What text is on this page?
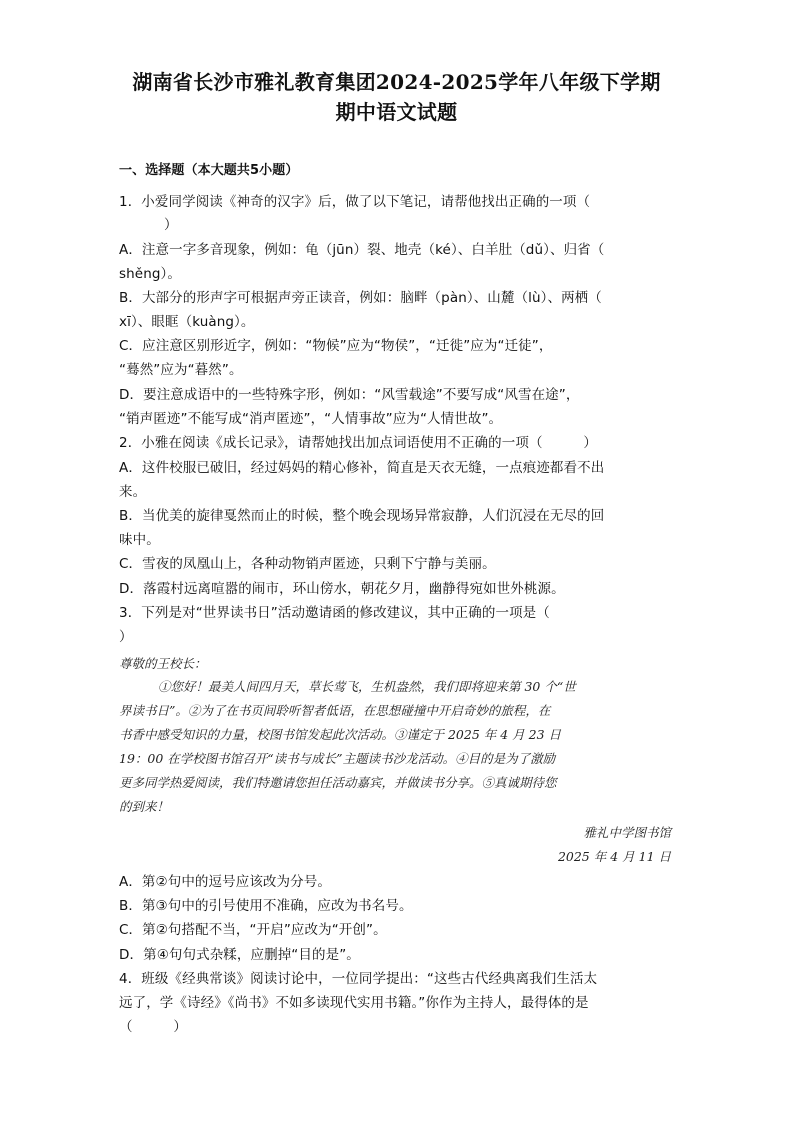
湖南省长沙市雅礼教育集团2024-2025学年八年级下学期
期中语文试题
一、选择题（本大题共5小题）
1．小爱同学阅读《神奇的汉字》后，做了以下笔记，请帮他找出正确的一项（
）
A．注意一字多音现象，例如：龟（jūn）裂、地壳（ké）、白羊肚（dǔ）、归省（
shěng）。
B．大部分的形声字可根据声旁正读音，例如：脑畔（pàn）、山麓（lù）、两栖（
xī）、眼眶（kuàng）。
C．应注意区别形近字，例如：“物候”应为“物侯”，“迁徙”应为“迁徒”，
“蓦然”应为“暮然”。
D．要注意成语中的一些特殊字形，例如：“风雪载途”不要写成“风雪在途”，
“销声匿迹”不能写成“消声匿迹”，“人情事故”应为“人情世故”。
2．小雅在阅读《成长记录》，请帮她找出加点词语使用不正确的一项（　　　）
A．这件校服已破旧，经过妈妈的精心修补，简直是天衣无缝，一点痕迹都看不出
来。
B．当优美的旋律戛然而止的时候，整个晚会现场异常寂静，人们沉浸在无尽的回
味中。
C．雪夜的凤凰山上，各种动物销声匿迹，只剩下宁静与美丽。
D．落霞村远离喧嚣的闹市，环山傍水，朝花夕月，幽静得宛如世外桃源。
3．下列是对“世界读书日”活动邀请函的修改建议，其中正确的一项是（
）
尊敬的王校长：
①您好！最美人间四月天，草长莺飞，生机盎然，我们即将迎来第 30 个“世
界读书日”。②为了在书页间聆听智者低语，在思想碰撞中开启奇妙的旅程，在
书香中感受知识的力量，校图书馆发起此次活动。③谨定于 2025 年 4 月 23 日
19：00 在学校图书馆召开“读书与成长”主题读书沙龙活动。④目的是为了激励
更多同学热爱阅读，我们特邀请您担任活动嘉宾，并做读书分享。⑤真诚期待您
的到来！
雅礼中学图书馆
2025 年 4 月 11 日
A．第②句中的逗号应该改为分号。
B．第③句中的引号使用不准确，应改为书名号。
C．第②句搭配不当，“开启”应改为“开创”。
D．第④句句式杂糅，应删掉“目的是”。
4．班级《经典常谈》阅读讨论中，一位同学提出：“这些古代经典离我们生活太
远了，学《诗经》《尚书》不如多读现代实用书籍。”你作为主持人，最得体的是
（　　　）
